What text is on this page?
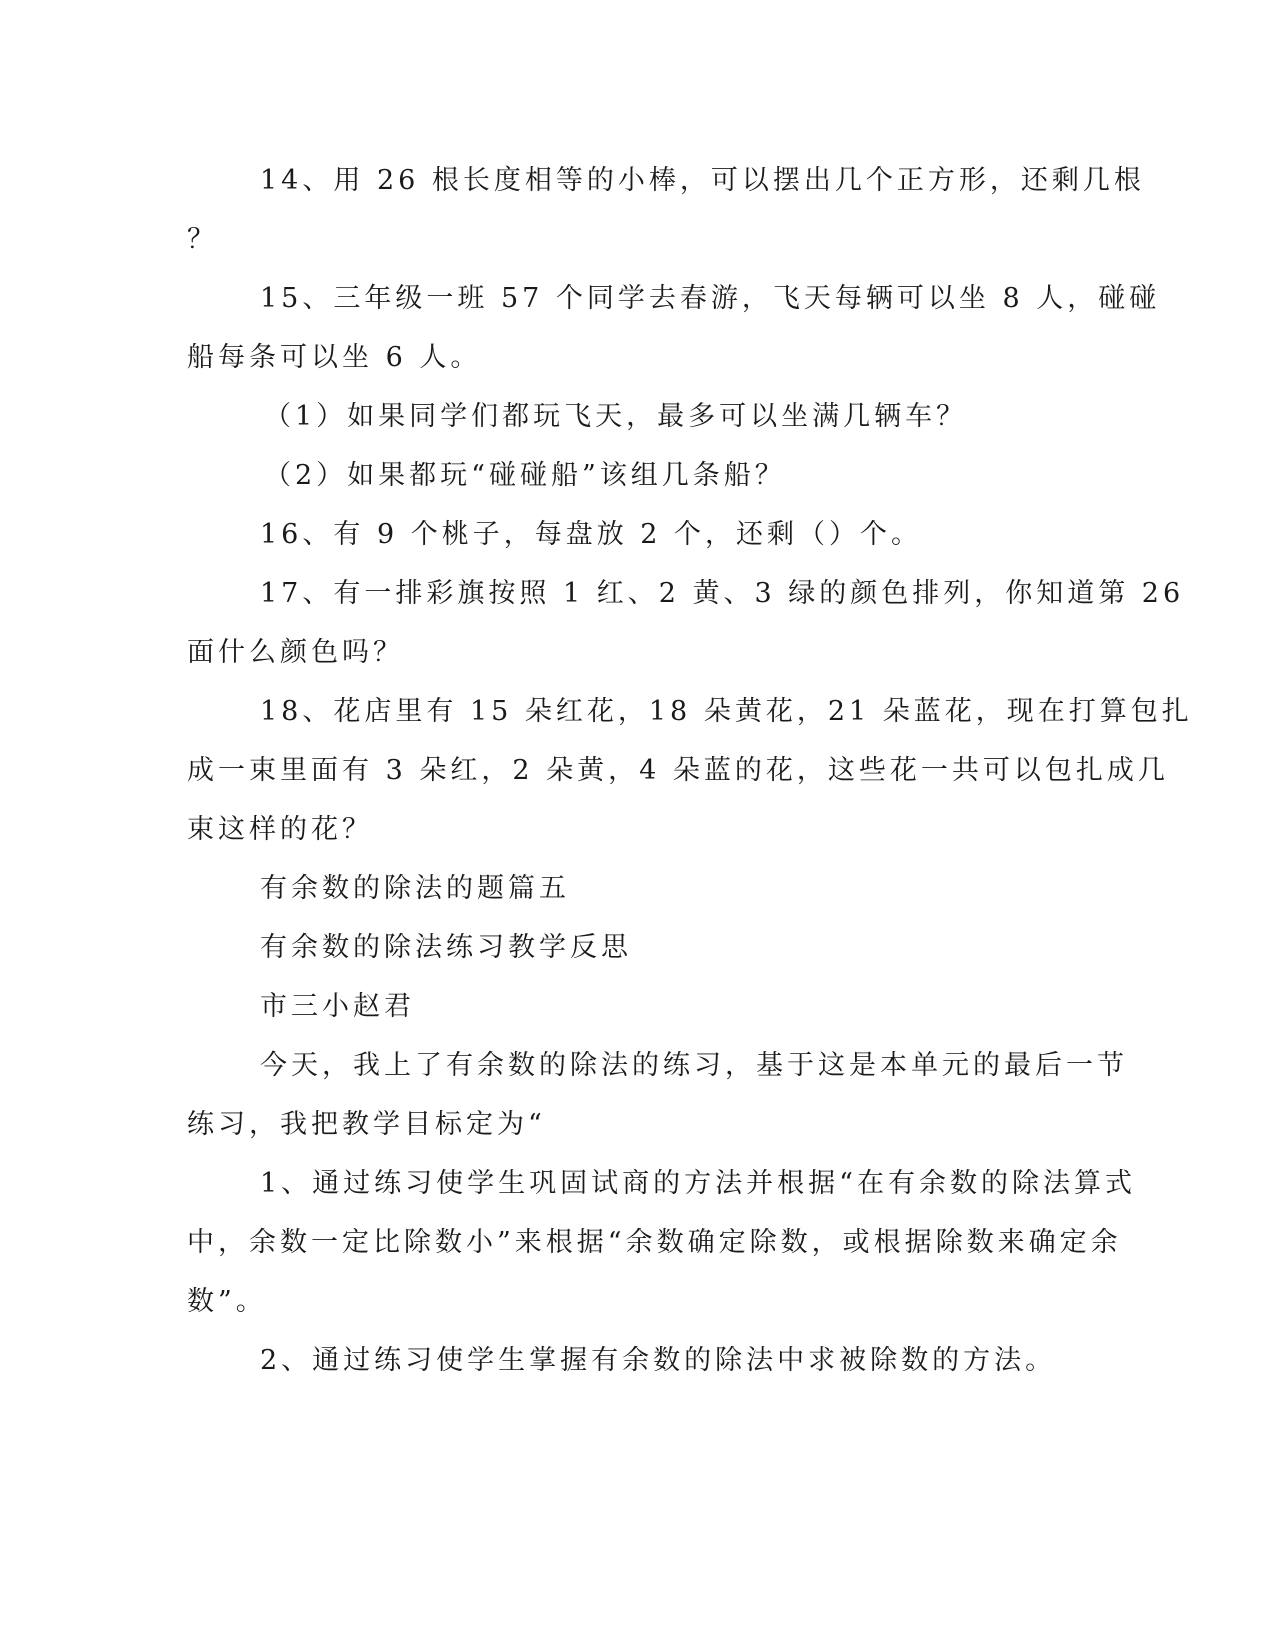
14、用 26 根长度相等的小棒，可以摆出几个正方形，还剩几根
？
15、三年级一班 57 个同学去春游，飞天每辆可以坐 8 人，碰碰
船每条可以坐 6 人。
（1）如果同学们都玩飞天，最多可以坐满几辆车？
（2）如果都玩“碰碰船”该组几条船？
16、有 9 个桃子，每盘放 2 个，还剩（）个。
17、有一排彩旗按照 1 红、2 黄、3 绿的颜色排列，你知道第 26
面什么颜色吗？
18、花店里有 15 朵红花，18 朵黄花，21 朵蓝花，现在打算包扎
成一束里面有 3 朵红，2 朵黄，4 朵蓝的花，这些花一共可以包扎成几
束这样的花？
有余数的除法的题篇五
有余数的除法练习教学反思
市三小赵君
今天，我上了有余数的除法的练习，基于这是本单元的最后一节
练习，我把教学目标定为“
1、通过练习使学生巩固试商的方法并根据“在有余数的除法算式
中，余数一定比除数小”来根据“余数确定除数，或根据除数来确定余
数”。
2、通过练习使学生掌握有余数的除法中求被除数的方法。
